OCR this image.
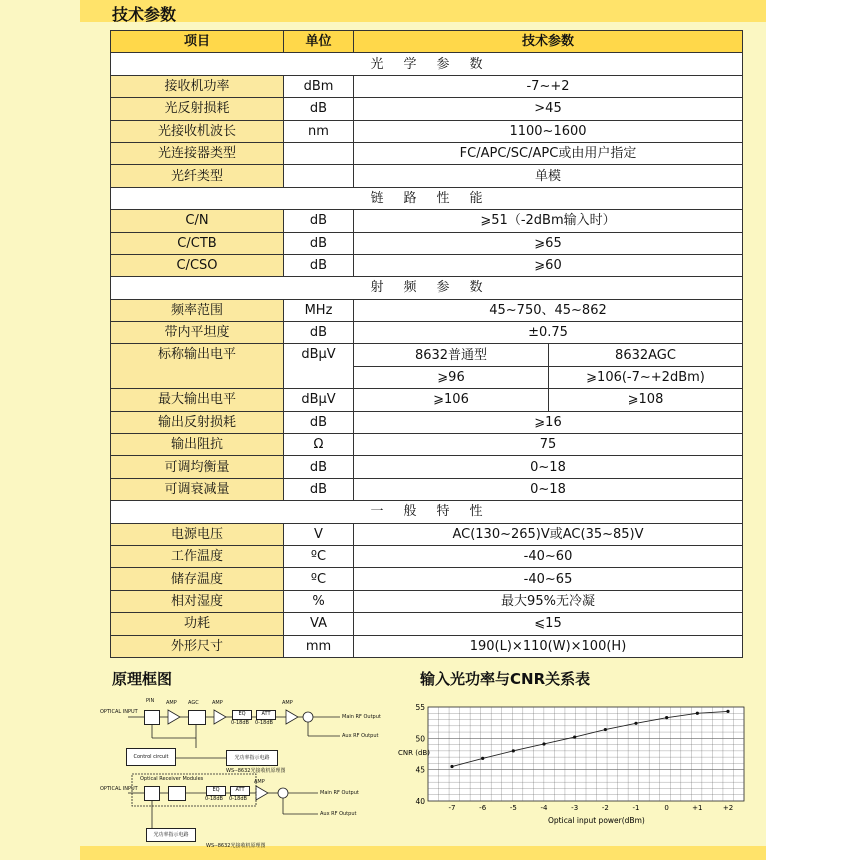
技术参数
项目	单位	技术参数	
光学参数			
接收机功率	dBm	-7~+2	
光反射损耗	dB	>45	
光接收机波长	nm	1100~1600	
光连接器类型		FC/APC/SC/APC或由用户指定	
光纤类型		单模	
链路性能			
C/N	dB	⩾51（-2dBm输入时）	
C/CTB	dB	⩾65	
C/CSO	dB	⩾60	
射频参数			
频率范围	MHz	45~750、45~862	
带内平坦度	dB	±0.75	
标称输出电平	dBμV	8632普通型	8632AGC
		⩾96	⩾106(-7~+2dBm)
最大输出电平	dBμV	⩾106	⩾108
输出反射损耗	dB	⩾16	
输出阻抗	Ω	75	
可调均衡量	dB	0~18	
可调衰减量	dB	0~18	
一般特性			
电源电压	V	AC(130~265)V或AC(35~85)V	
工作温度	ºC	-40~60	
储存温度	ºC	-40~65	
相对湿度	%	最大95%无冷凝	
功耗	VA	⩽15	
外形尺寸	mm	190(L)×110(W)×100(H)	
原理框图	输入光功率与CNR关系表
OPTICAL INPUT
PIN AMP AGC	AMP
EQ
0-18dB
ATT
0-18dB
AMP
Main RF Output
Aux RF Output
Control circuit	光功率指示电路
WS--8632光接收机原理图
Optical Receiver Modules
OPTICAL INPUT	EQ
0-18dB
ATT
0-18dB
AMP
Main RF Output
Aux RF Output
光功率指示电路
WS--8632光接收机原理图
40
45
50
55
-7	-6	-5	-4	-3	-2	-1	0	+1	+2
CNR (dB)
Optical input power(dBm)
